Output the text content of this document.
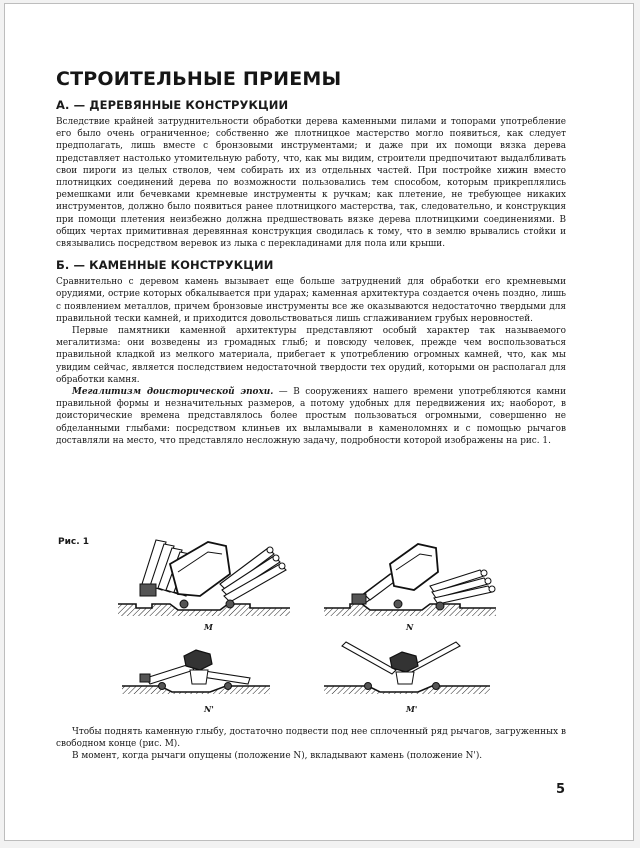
СТРОИТЕЛЬНЫЕ ПРИЕМЫ
А. — ДЕРЕВЯННЫЕ КОНСТРУКЦИИ

Вследствие крайней затруднительности обработки дерева каменными пилами и топорами употребление его было очень ограниченное; собственно же плотницкое мастерство могло появиться, как следует предполагать, лишь вместе с бронзовыми инструментами; и даже при их помощи вязка дерева представляет настолько утомительную работу, что, как мы видим, строители предпочитают выдалбливать свои пироги из целых стволов, чем собирать их из отдельных частей. При постройке хижин вместо плотницких соединений дерева по возможности пользовались тем способом, которым прикреплялись ремешками или бечевками кремневые инструменты к ручкам; как плетение, не требующее никаких инструментов, должно было появиться ранее плотницкого мастерства, так, следовательно, и конструкция при помощи плетения неизбежно должна предшествовать вязке дерева плотницкими соединениями. В общих чертах примитивная деревянная конструкция сводилась к тому, что в землю врывались стойки и связывались посредством веревок из лыка с перекладинами для пола или крыши.

Б. — КАМЕННЫЕ КОНСТРУКЦИИ

Сравнительно с деревом камень вызывает еще больше затруднений для обработки его кремневыми орудиями, острие которых обкалывается при ударах; каменная архитектура создается очень поздно, лишь с появлением металлов, причем бронзовые инструменты все же оказываются недостаточно твердыми для правильной тески камней, и приходится довольствоваться лишь сглаживанием грубых неровностей.

Первые памятники каменной архитектуры представляют особый характер так называемого мегалитизма: они возведены из громадных глыб; и повсюду человек, прежде чем воспользоваться правильной кладкой из мелкого материала, прибегает к употреблению огромных камней, что, как мы увидим сейчас, является последствием недостаточной твердости тех орудий, которыми он располагал для обработки камня.

Мегалитизм доисторической эпохи. — В сооружениях нашего времени употребляются камни правильной формы и незначительных размеров, а потому удобных для передвижения их; наоборот, в доисторические времена представлялось более простым пользоваться огромными, совершенно не обделанными глыбами: посредством клиньев их выламывали в каменоломнях и с помощью рычагов доставляли на место, что представляло несложную задачу, подробности которой изображены на рис. 1.

Рис. 1
M	N
N'	M'

Чтобы поднять каменную глыбу, достаточно подвести под нее сплоченный ряд рычагов, загруженных в свободном конце (рис. M).

В момент, когда рычаги опущены (положение N), вкладывают камень (положение N').

5
